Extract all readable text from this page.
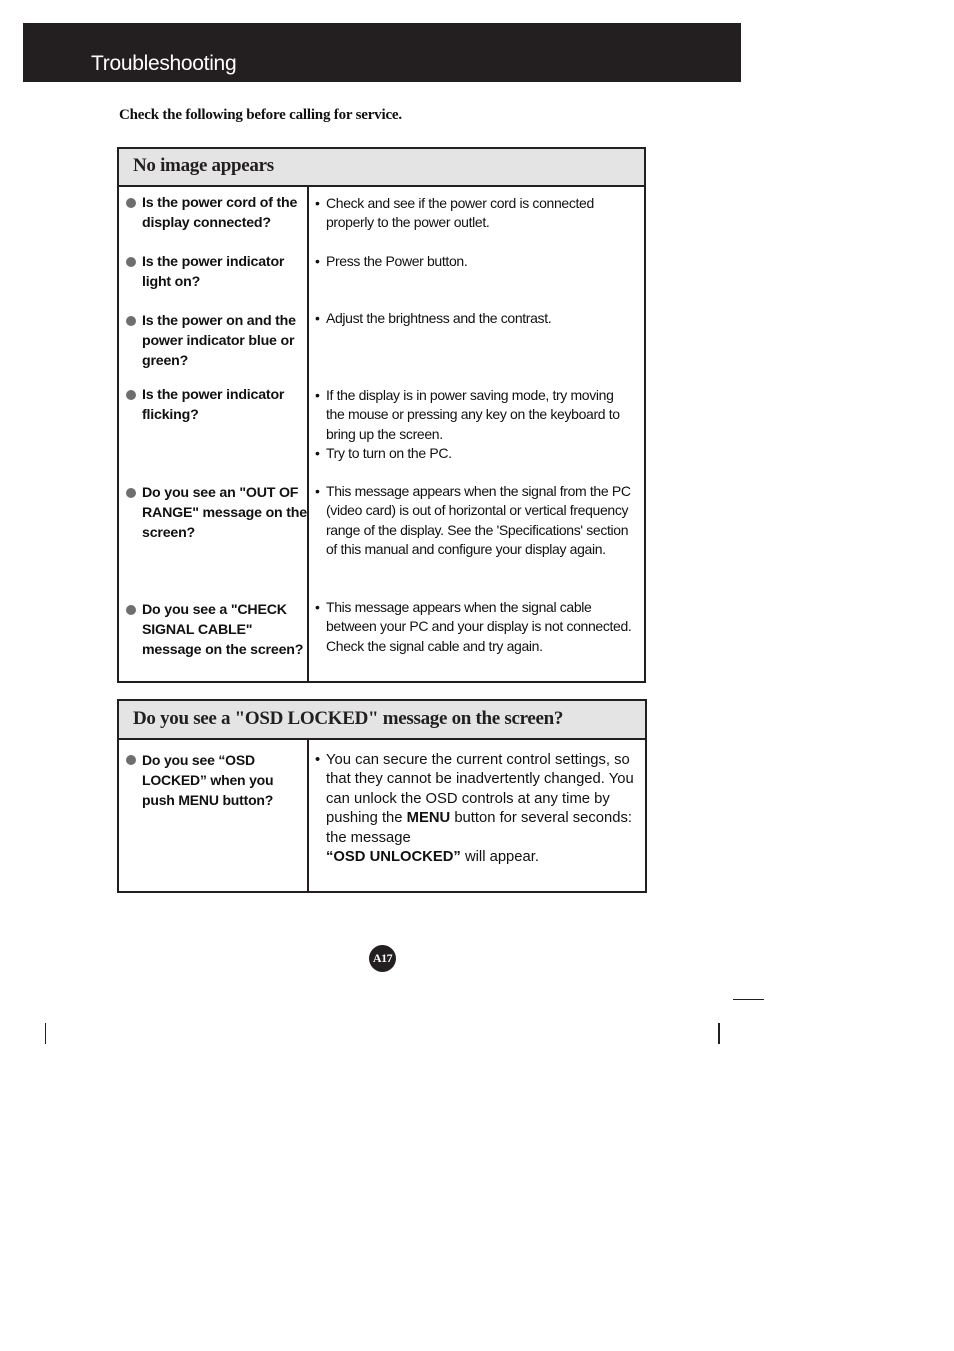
Troubleshooting
Check the following before calling for service.
No image appears
Is the power cord of the display connected?
• Check and see if the power cord is connected properly to the power outlet.
Is the power indicator light on?
• Press the Power button.
Is the power on and the power indicator blue or green?
• Adjust the brightness and the contrast.
Is the power indicator flicking?
• If the display is in power saving mode, try moving the mouse or pressing any key on the keyboard to bring up the screen.
• Try to turn on the PC.
Do you see an "OUT OF RANGE" message on the screen?
• This message appears when the signal from the PC (video card) is out of horizontal or vertical frequency range of the display. See the 'Specifications' section of this manual and configure your display again.
Do you see a "CHECK SIGNAL CABLE" message on the screen?
• This message appears when the signal cable between your PC and your display is not connected. Check the signal cable and try again.
Do you see a "OSD LOCKED" message on the screen?
Do you see “OSD LOCKED” when you push MENU button?
• You can secure the current control settings, so that they cannot be inadvertently changed. You can unlock the OSD controls at any time by pushing the MENU button for several seconds: the message
“OSD UNLOCKED” will appear.
A17
